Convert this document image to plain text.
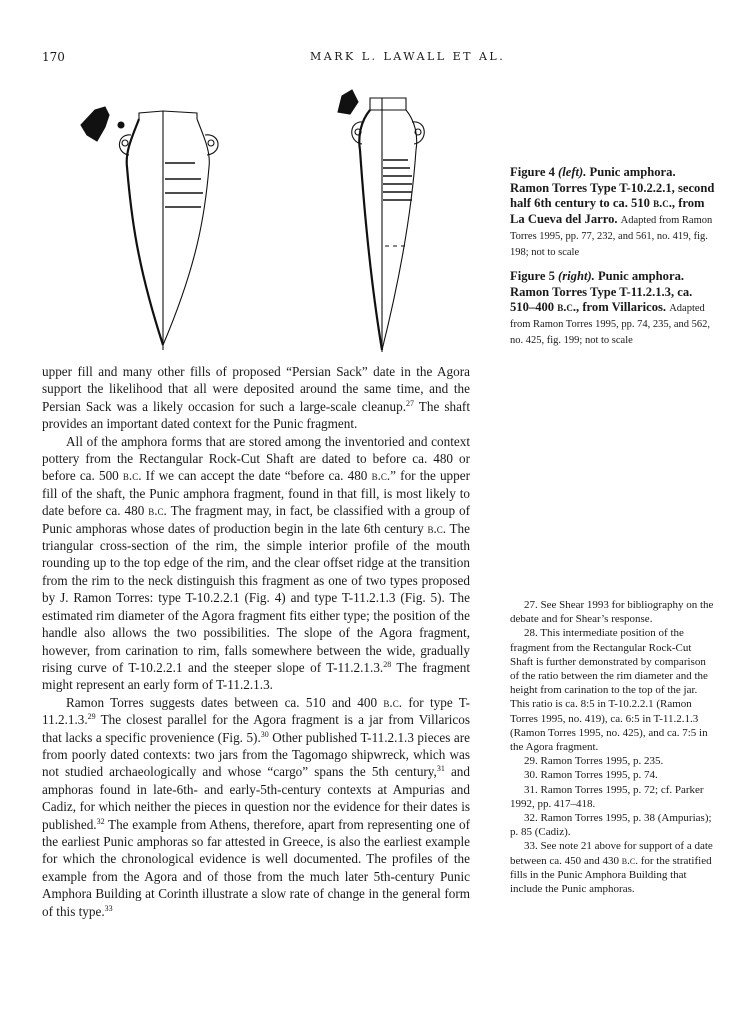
170	MARK L. LAWALL ET AL.
Figure 4 (left). Punic amphora. Ramon Torres Type T-10.2.2.1, second half 6th century to ca. 510 b.c., from La Cueva del Jarro. Adapted from Ramon Torres 1995, pp. 77, 232, and 561, no. 419, fig. 198; not to scale
Figure 5 (right). Punic amphora. Ramon Torres Type T-11.2.1.3, ca. 510–400 b.c., from Villaricos. Adapted from Ramon Torres 1995, pp. 74, 235, and 562, no. 425, fig. 199; not to scale

upper fill and many other fills of proposed “Persian Sack” date in the Agora support the likelihood that all were deposited around the same time, and the Persian Sack was a likely occasion for such a large-scale cleanup.$^{27}$ The shaft provides an important dated context for the Punic fragment.

All of the amphora forms that are stored among the inventoried and context pottery from the Rectangular Rock-Cut Shaft are dated to before ca. 480 or before ca. 500 b.c. If we can accept the date “before ca. 480 b.c.” for the upper fill of the shaft, the Punic amphora fragment, found in that fill, is most likely to date before ca. 480 b.c. The fragment may, in fact, be classified with a group of Punic amphoras whose dates of production begin in the late 6th century b.c. The triangular cross-section of the rim, the simple interior profile of the mouth rounding up to the top edge of the rim, and the clear offset ridge at the transition from the rim to the neck distinguish this fragment as one of two types proposed by J. Ramon Torres: type T-10.2.2.1 (Fig. 4) and type T-11.2.1.3 (Fig. 5). The estimated rim diameter of the Agora fragment fits either type; the position of the handle also allows the two possibilities. The slope of the Agora fragment, however, from carination to rim, falls somewhere between the wide, gradually rising curve of T-10.2.2.1 and the steeper slope of T-11.2.1.3.28 The fragment might represent an early form of T-11.2.1.3.

Ramon Torres suggests dates between ca. 510 and 400 b.c. for type T-11.2.1.3.29 The closest parallel for the Agora fragment is a jar from Villaricos that lacks a specific provenience (Fig. 5).$^{30}$ Other published T-11.2.1.3 pieces are from poorly dated contexts: two jars from the Tagomago shipwreck, which was not studied archaeologically and whose “cargo” spans the 5th century,$^{31}$ and amphoras found in late-6th- and early-5th-century contexts at Ampurias and Cadiz, for which neither the pieces in question nor the evidence for their dates is published.$^{32}$ The example from Athens, therefore, apart from representing one of the earliest Punic amphoras so far attested in Greece, is also the earliest example for which the chronological evidence is well documented. The profiles of the example from the Agora and of those from the much later 5th-century Punic Amphora Building at Corinth illustrate a slow rate of change in the general form of this type.$^{33}$

27. See Shear 1993 for bibliography on the debate and for Shear’s response.

28. This intermediate position of the fragment from the Rectangular Rock-Cut Shaft is further demonstrated by comparison of the ratio between the rim diameter and the height from carination to the top of the jar. This ratio is ca. 8:5 in T-10.2.2.1 (Ramon Torres 1995, no. 419), ca. 6:5 in T-11.2.1.3 (Ramon Torres 1995, no. 425), and ca. 7:5 in the Agora fragment.

29. Ramon Torres 1995, p. 235.

30. Ramon Torres 1995, p. 74.

31. Ramon Torres 1995, p. 72; cf. Parker 1992, pp. 417–418.

32. Ramon Torres 1995, p. 38 (Ampurias); p. 85 (Cadiz).

33. See note 21 above for support of a date between ca. 450 and 430 b.c. for the stratified fills in the Punic Amphora Building that include the Punic amphoras.
